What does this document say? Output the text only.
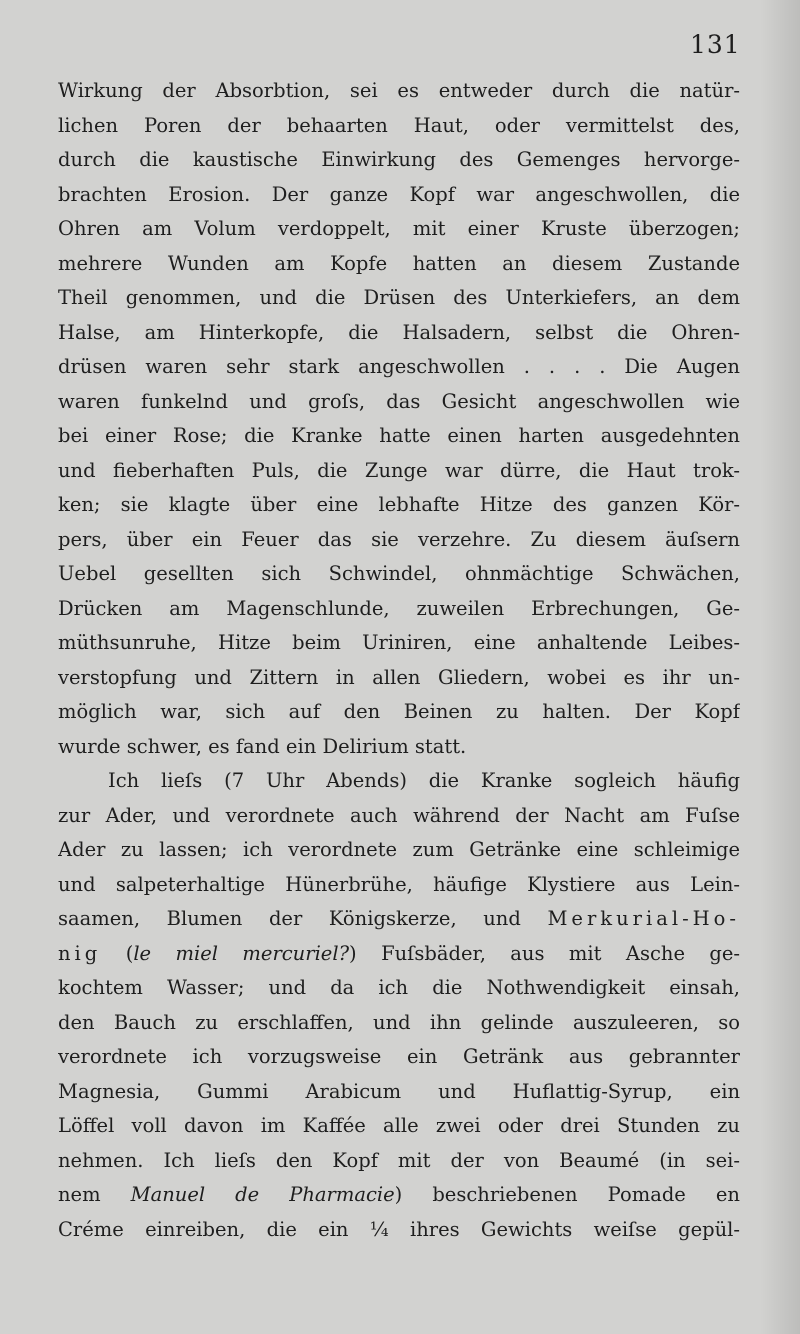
131
Wirkung der Absorbtion, sei es entweder durch die natür-
lichen Poren der behaarten Haut, oder vermittelst des,
durch die kaustische Einwirkung des Gemenges hervorge-
brachten Erosion. Der ganze Kopf war angeschwollen, die
Ohren am Volum verdoppelt, mit einer Kruste überzogen;
mehrere Wunden am Kopfe hatten an diesem Zustande
Theil genommen, und die Drüsen des Unterkiefers, an dem
Halse, am Hinterkopfe, die Halsadern, selbst die Ohren-
drüsen waren sehr stark angeschwollen . . . . Die Augen
waren funkelnd und groſs, das Gesicht angeschwollen wie
bei einer Rose; die Kranke hatte einen harten ausgedehnten
und fieberhaften Puls, die Zunge war dürre, die Haut trok-
ken; sie klagte über eine lebhafte Hitze des ganzen Kör-
pers, über ein Feuer das sie verzehre. Zu diesem äuſsern
Uebel gesellten sich Schwindel, ohnmächtige Schwächen,
Drücken am Magenschlunde, zuweilen Erbrechungen, Ge-
müthsunruhe, Hitze beim Uriniren, eine anhaltende Leibes-
verstopfung und Zittern in allen Gliedern, wobei es ihr un-
möglich war, sich auf den Beinen zu halten. Der Kopf
wurde schwer, es fand ein Delirium statt.
Ich lieſs (7 Uhr Abends) die Kranke sogleich häufig
zur Ader, und verordnete auch während der Nacht am Fuſse
Ader zu lassen; ich verordnete zum Getränke eine schleimige
und salpeterhaltige Hünerbrühe, häufige Klystiere aus Lein-
saamen, Blumen der Königskerze, und Merkurial-Ho-
nig (le miel mercuriel?) Fuſsbäder, aus mit Asche ge-
kochtem Wasser; und da ich die Nothwendigkeit einsah,
den Bauch zu erschlaffen, und ihn gelinde auszuleeren, so
verordnete ich vorzugsweise ein Getränk aus gebrannter
Magnesia, Gummi Arabicum und Huflattig-Syrup, ein
Löffel voll davon im Kaffée alle zwei oder drei Stunden zu
nehmen. Ich lieſs den Kopf mit der von Beaumé (in sei-
nem Manuel de Pharmacie) beschriebenen Pomade en
Créme einreiben, die ein ¼ ihres Gewichts weiſse gepül-
